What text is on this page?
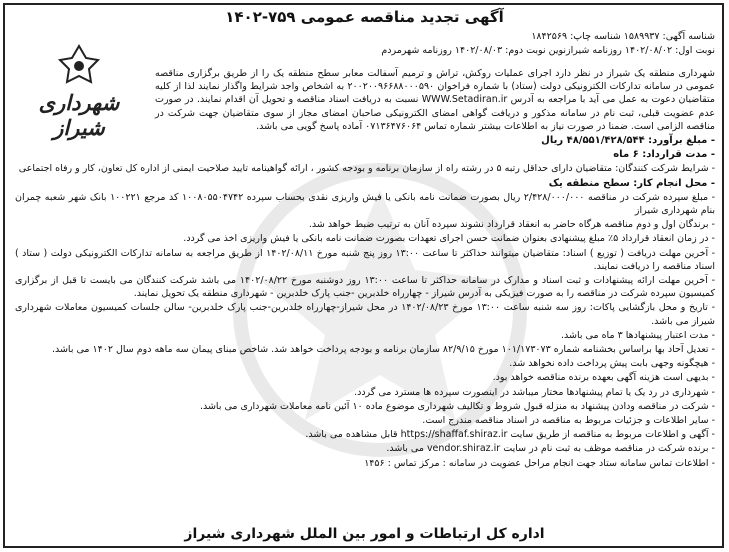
آگهی تجدید مناقصه عمومی ۷۵۹-۱۴۰۲
شناسه آگهی: ۱۵۸۹۹۳۷ شناسه چاپ: ۱۸۴۲۵۶۹
نوبت اول: ۱۴۰۲/۰۸/۰۲ روزنامه شیرازنوین نوبت دوم: ۱۴۰۲/۰۸/۰۳ روزنامه شهرمردم
شهرداری شیراز

شهرداری منطقه یک شیراز در نظر دارد اجرای عملیات روکش، تراش و ترمیم آسفالت معابر سطح منطقه یک را از طریق برگزاری مناقصه عمومی در سامانه تدارکات الکترونیکی دولت (ستاد) با شماره فراخوان ۲۰۰۲۰۰۹۶۶۸۸۰۰۰۵۹۰ به اشخاص واجد شرایط واگذار نمایند لذا از کلیه متقاضیان دعوت به عمل می آید با مراجعه به آدرس WWW.Setadiran.ir نسبت به دریافت اسناد مناقصه و تحویل آن اقدام نمایند. در صورت عدم عضویت قبلی، ثبت نام در سامانه مذکور و دریافت گواهی امضای الکترونیکی صاحبان امضای مجاز از سوی متقاضیان جهت شرکت در مناقصه الزامی است. ضمنا در صورت نیاز به اطلاعات بیشتر شماره تماس ۰۷۱۳۶۴۷۶۰۶۴ آماده پاسخ گویی می باشد.

- مبلغ برآورد: ۴۸/۵۵۱/۴۲۸/۵۴۴ ریال

- مدت قرارداد: ۶ ماه

- شرایط شرکت کنندگان: متقاضیان دارای حداقل رتبه ۵ در رشته راه از سازمان برنامه و بودجه کشور ، ارائه گواهینامه تایید صلاحیت ایمنی از اداره کل تعاون، کار و رفاه اجتماعی

- محل انجام کار: سطح منطقه یک

- مبلغ سپرده شرکت در مناقصه ۲/۴۲۸/۰۰۰/۰۰۰ ریال بصورت ضمانت نامه بانکی یا فیش واریزی نقدی بحساب سپرده ۱۰۰۸۰۵۵۰۴۷۴۲ کد مرجع ۱۰۰۲۲۱ بانک شهر شعبه چمران بنام شهرداری شیراز

- برندگان اول و دوم مناقصه هرگاه حاضر به انعقاد قرارداد نشوند سپرده آنان به ترتیب ضبط خواهد شد.

- در زمان انعقاد قرارداد ۵٪ مبلغ پیشنهادی بعنوان ضمانت حسن اجرای تعهدات بصورت ضمانت نامه بانکی یا فیش واریزی اخذ می گردد.

- آخرین مهلت دریافت ( توزیع ) اسناد: متقاضیان میتوانند حداکثر تا ساعت ۱۳:۰۰ روز پنج شنبه مورخ ۱۴۰۲/۰۸/۱۱ از طریق مراجعه به سامانه تدارکات الکترونیکی دولت ( ستاد ) اسناد مناقصه را دریافت نمایند.

- آخرین مهلت ارائه پیشنهادات و ثبت اسناد و مدارک در سامانه حداکثر تا ساعت ۱۳:۰۰ روز دوشنبه مورخ ۱۴۰۲/۰۸/۲۲ می باشد شرکت کنندگان می بایست تا قبل از برگزاری کمیسیون سپرده شرکت در مناقصه را به صورت فیزیکی به آدرس شیراز - چهارراه خلدبرین -جنب پارک خلدبرین - شهرداری منطقه یک تحویل نمایند.

- تاریخ و محل بازگشایی پاکات: روز سه شنبه ساعت ۱۳:۰۰ مورخ ۱۴۰۲/۰۸/۲۳ در محل شیراز-چهارراه خلدبرین-جنب پارک خلدبرین- سالن جلسات کمیسیون معاملات شهرداری شیراز می باشد.

- مدت اعتبار پیشنهادها ۳ ماه می باشد.

- تعدیل آحاد بها براساس بخشنامه شماره ۱۰۱/۱۷۳۰۷۳ مورخ ۸۲/۹/۱۵ سازمان برنامه و بودجه پرداخت خواهد شد. شاخص مبنای پیمان سه ماهه دوم سال ۱۴۰۲ می باشد.

- هیچگونه وجهی بابت پیش پرداخت داده نخواهد شد.

- بدیهی است هزینه آگهی بعهده برنده مناقصه خواهد بود.

- شهرداری در رد یک یا تمام پیشنهادها مختار میباشد در اینصورت سپرده ها مسترد می گردد.

- شرکت در مناقصه ودادن پیشنهاد به منزله قبول شروط و تکالیف شهرداری موضوع ماده ۱۰ آئین نامه معاملات شهرداری می باشد.

- سایر اطلاعات و جزئیات مربوط به مناقصه در اسناد مناقصه مندرج است.

- آگهی و اطلاعات مربوط به مناقصه از طریق سایت https://shaffaf.shiraz.ir قابل مشاهده می باشد.

- برنده شرکت در مناقصه موظف به ثبت نام در سایت vendor.shiraz.ir می باشد.

- اطلاعات تماس سامانه ستاد جهت انجام مراحل عضویت در سامانه : مرکز تماس : ۱۴۵۶

اداره کل ارتباطات و امور بین الملل شهرداری شیراز
